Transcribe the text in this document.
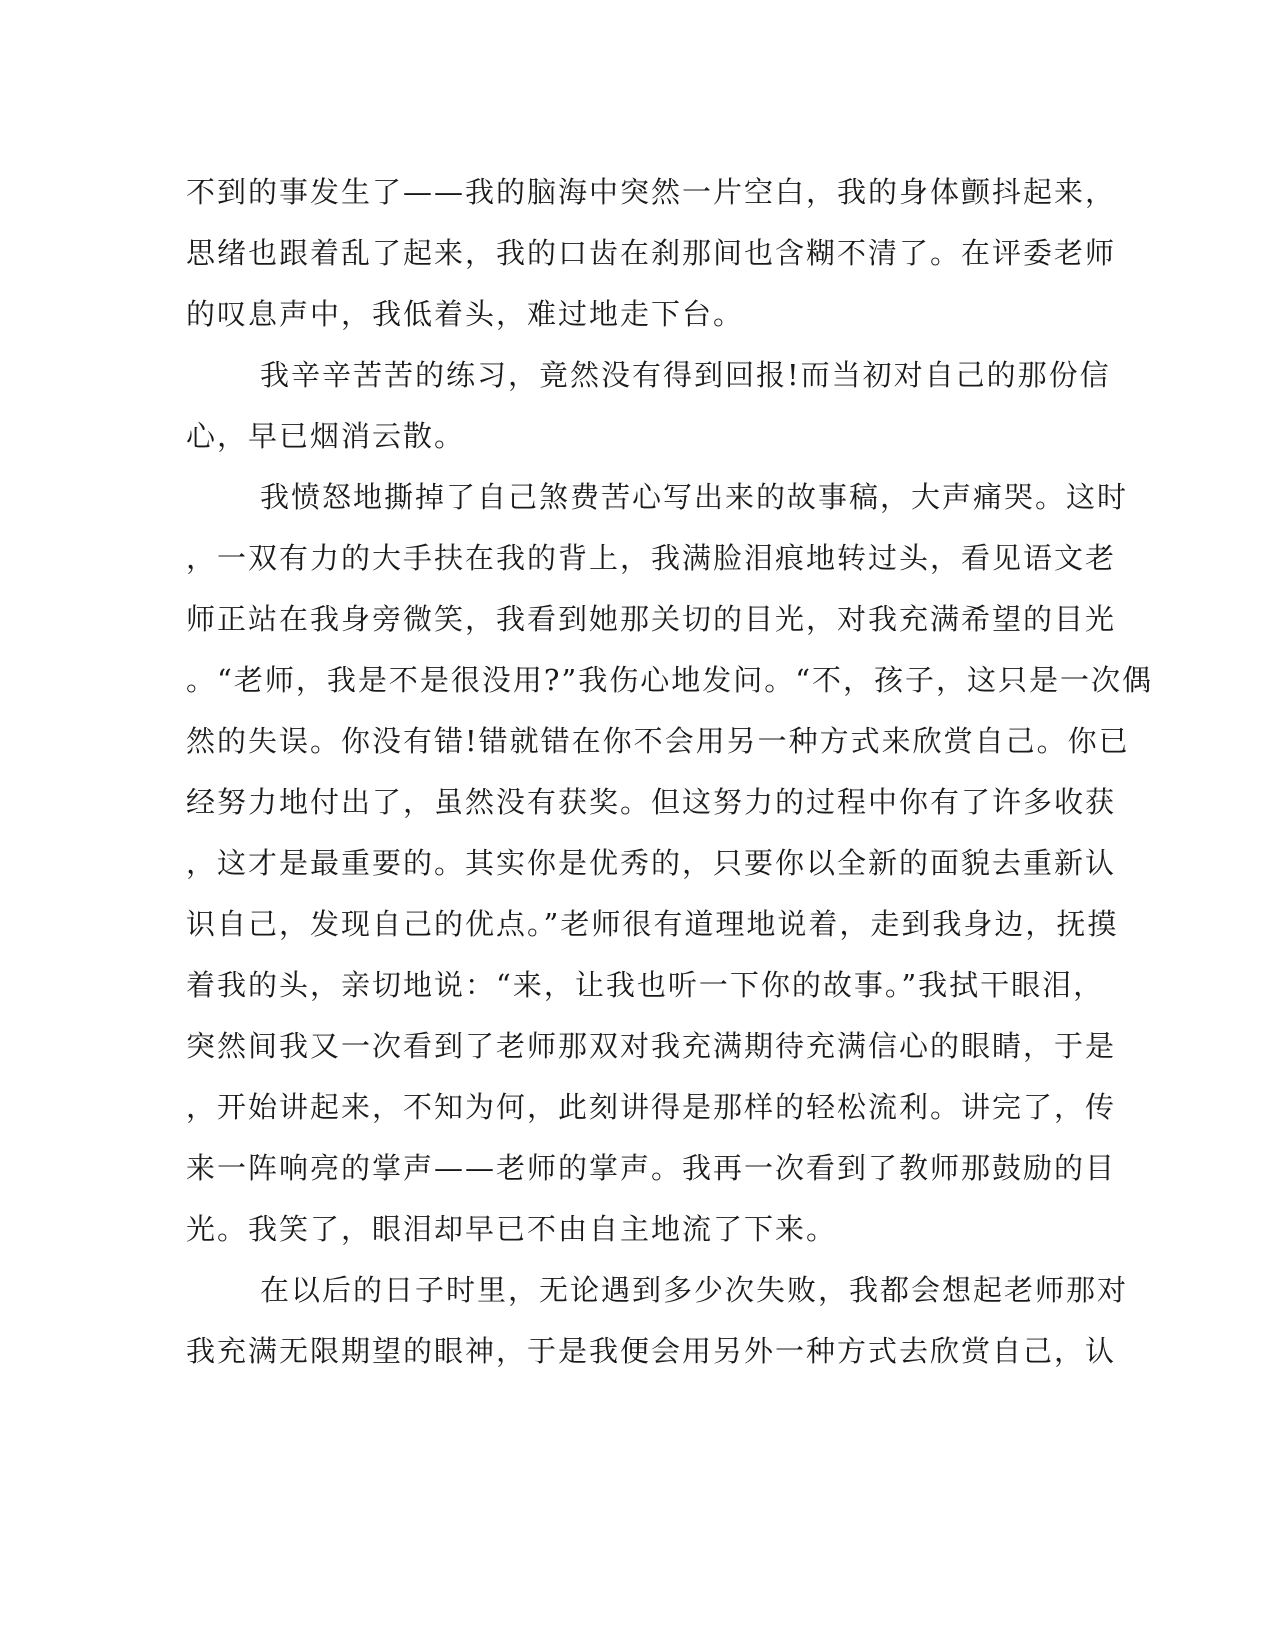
不到的事发生了——我的脑海中突然一片空白，我的身体颤抖起来，
思绪也跟着乱了起来，我的口齿在刹那间也含糊不清了。在评委老师
的叹息声中，我低着头，难过地走下台。
我辛辛苦苦的练习，竟然没有得到回报!而当初对自己的那份信
心，早已烟消云散。
我愤怒地撕掉了自己煞费苦心写出来的故事稿，大声痛哭。这时
，一双有力的大手扶在我的背上，我满脸泪痕地转过头，看见语文老
师正站在我身旁微笑，我看到她那关切的目光，对我充满希望的目光
。“老师，我是不是很没用?”我伤心地发问。“不，孩子，这只是一次偶
然的失误。你没有错!错就错在你不会用另一种方式来欣赏自己。你已
经努力地付出了，虽然没有获奖。但这努力的过程中你有了许多收获
，这才是最重要的。其实你是优秀的，只要你以全新的面貌去重新认
识自己，发现自己的优点。”老师很有道理地说着，走到我身边，抚摸
着我的头，亲切地说：“来，让我也听一下你的故事。”我拭干眼泪，
突然间我又一次看到了老师那双对我充满期待充满信心的眼睛，于是
，开始讲起来，不知为何，此刻讲得是那样的轻松流利。讲完了，传
来一阵响亮的掌声——老师的掌声。我再一次看到了教师那鼓励的目
光。我笑了，眼泪却早已不由自主地流了下来。
在以后的日子时里，无论遇到多少次失败，我都会想起老师那对
我充满无限期望的眼神，于是我便会用另外一种方式去欣赏自己，认
